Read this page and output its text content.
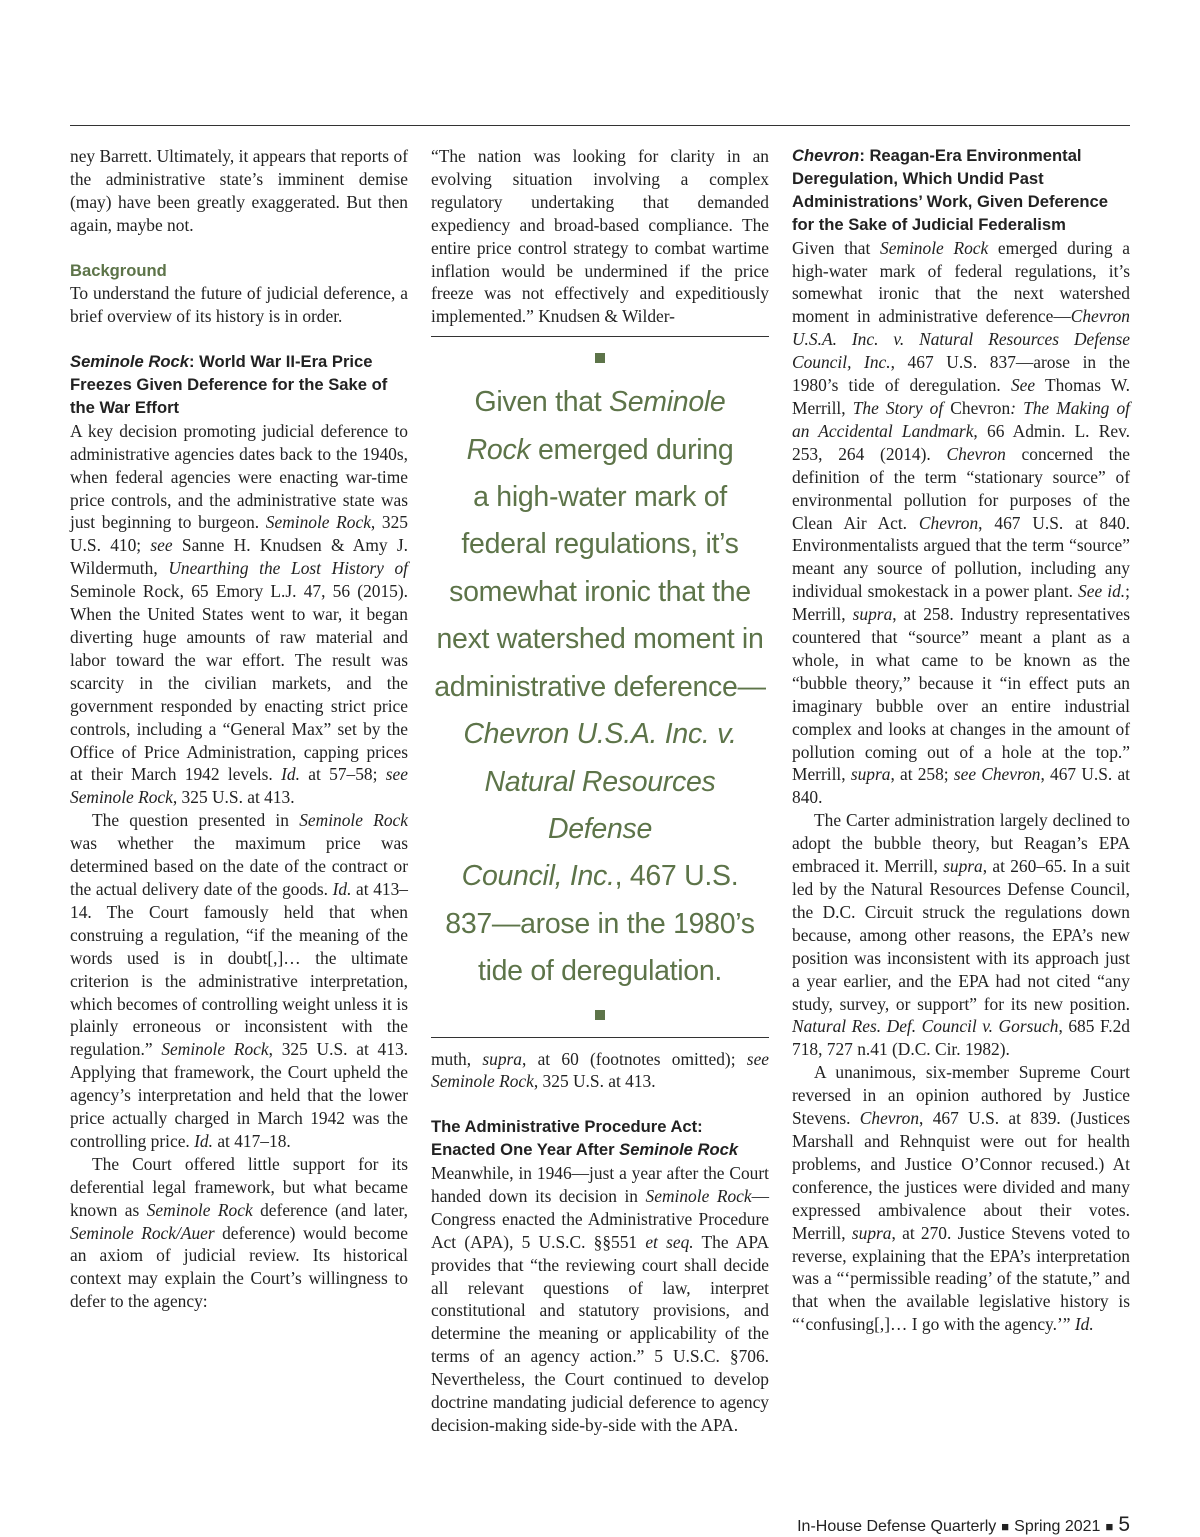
ney Barrett. Ultimately, it appears that reports of the administrative state’s imminent demise (may) have been greatly exaggerated. But then again, maybe not.

Background

To understand the future of judicial deference, a brief overview of its history is in order.

Seminole Rock: World War II-Era Price Freezes Given Deference for the Sake of the War Effort

A key decision promoting judicial deference to administrative agencies dates back to the 1940s, when federal agencies were enacting war-time price controls, and the administrative state was just beginning to burgeon. Seminole Rock, 325 U.S. 410; see Sanne H. Knudsen & Amy J. Wildermuth, Unearthing the Lost History of Seminole Rock, 65 Emory L.J. 47, 56 (2015). When the United States went to war, it began diverting huge amounts of raw material and labor toward the war effort. The result was scarcity in the civilian markets, and the government responded by enacting strict price controls, including a “General Max” set by the Office of Price Administration, capping prices at their March 1942 levels. Id. at 57–58; see Seminole Rock, 325 U.S. at 413.

The question presented in Seminole Rock was whether the maximum price was determined based on the date of the contract or the actual delivery date of the goods. Id. at 413–14. The Court famously held that when construing a regulation, “if the meaning of the words used is in doubt[,]… the ultimate criterion is the administrative interpretation, which becomes of controlling weight unless it is plainly erroneous or inconsistent with the regulation.” Seminole Rock, 325 U.S. at 413. Applying that framework, the Court upheld the agency’s interpretation and held that the lower price actually charged in March 1942 was the controlling price. Id. at 417–18.

The Court offered little support for its deferential legal framework, but what became known as Seminole Rock deference (and later, Seminole Rock/Auer deference) would become an axiom of judicial review. Its historical context may explain the Court’s willingness to defer to the agency:

“The nation was looking for clarity in an evolving situation involving a complex regulatory undertaking that demanded expediency and broad-based compliance. The entire price control strategy to combat wartime inflation would be undermined if the price freeze was not effectively and expeditiously implemented.” Knudsen & Wilder-

Given that Seminole
Rock emerged during
a high-water mark of
federal regulations, it’s
somewhat ironic that the
next watershed moment in
administrative deference—
Chevron U.S.A. Inc. v.
Natural Resources Defense
Council, Inc., 467 U.S.
837—arose in the 1980’s
tide of deregulation.

muth, supra, at 60 (footnotes omitted); see Seminole Rock, 325 U.S. at 413.

The Administrative Procedure Act: Enacted One Year After Seminole Rock

Meanwhile, in 1946—just a year after the Court handed down its decision in Seminole Rock—Congress enacted the Administrative Procedure Act (APA), 5 U.S.C. §§551 et seq. The APA provides that “the reviewing court shall decide all relevant questions of law, interpret constitutional and statutory provisions, and determine the meaning or applicability of the terms of an agency action.” 5 U.S.C. §706. Nevertheless, the Court continued to develop doctrine mandating judicial deference to agency decision-making side-by-side with the APA.

Chevron: Reagan-Era Environmental Deregulation, Which Undid Past Administrations’ Work, Given Deference for the Sake of Judicial Federalism

Given that Seminole Rock emerged during a high-water mark of federal regulations, it’s somewhat ironic that the next watershed moment in administrative deference—Chevron U.S.A. Inc. v. Natural Resources Defense Council, Inc., 467 U.S. 837—arose in the 1980’s tide of deregulation. See Thomas W. Merrill, The Story of Chevron: The Making of an Accidental Landmark, 66 Admin. L. Rev. 253, 264 (2014). Chevron concerned the definition of the term “stationary source” of environmental pollution for purposes of the Clean Air Act. Chevron, 467 U.S. at 840. Environmentalists argued that the term “source” meant any source of pollution, including any individual smokestack in a power plant. See id.; Merrill, supra, at 258. Industry representatives countered that “source” meant a plant as a whole, in what came to be known as the “bubble theory,” because it “in effect puts an imaginary bubble over an entire industrial complex and looks at changes in the amount of pollution coming out of a hole at the top.” Merrill, supra, at 258; see Chevron, 467 U.S. at 840.

The Carter administration largely declined to adopt the bubble theory, but Reagan’s EPA embraced it. Merrill, supra, at 260–65. In a suit led by the Natural Resources Defense Council, the D.C. Circuit struck the regulations down because, among other reasons, the EPA’s new position was inconsistent with its approach just a year earlier, and the EPA had not cited “any study, survey, or support” for its new position. Natural Res. Def. Council v. Gorsuch, 685 F.2d 718, 727 n.41 (D.C. Cir. 1982).

A unanimous, six-member Supreme Court reversed in an opinion authored by Justice Stevens. Chevron, 467 U.S. at 839. (Justices Marshall and Rehnquist were out for health problems, and Justice O’Connor recused.) At conference, the justices were divided and many expressed ambivalence about their votes. Merrill, supra, at 270. Justice Stevens voted to reverse, explaining that the EPA’s interpretation was a “‘permissible reading’ of the statute,” and that when the available legislative history is “‘confusing[,]… I go with the agency.’” Id.

In-House Defense Quarterly ■ Spring 2021 ■ 5
